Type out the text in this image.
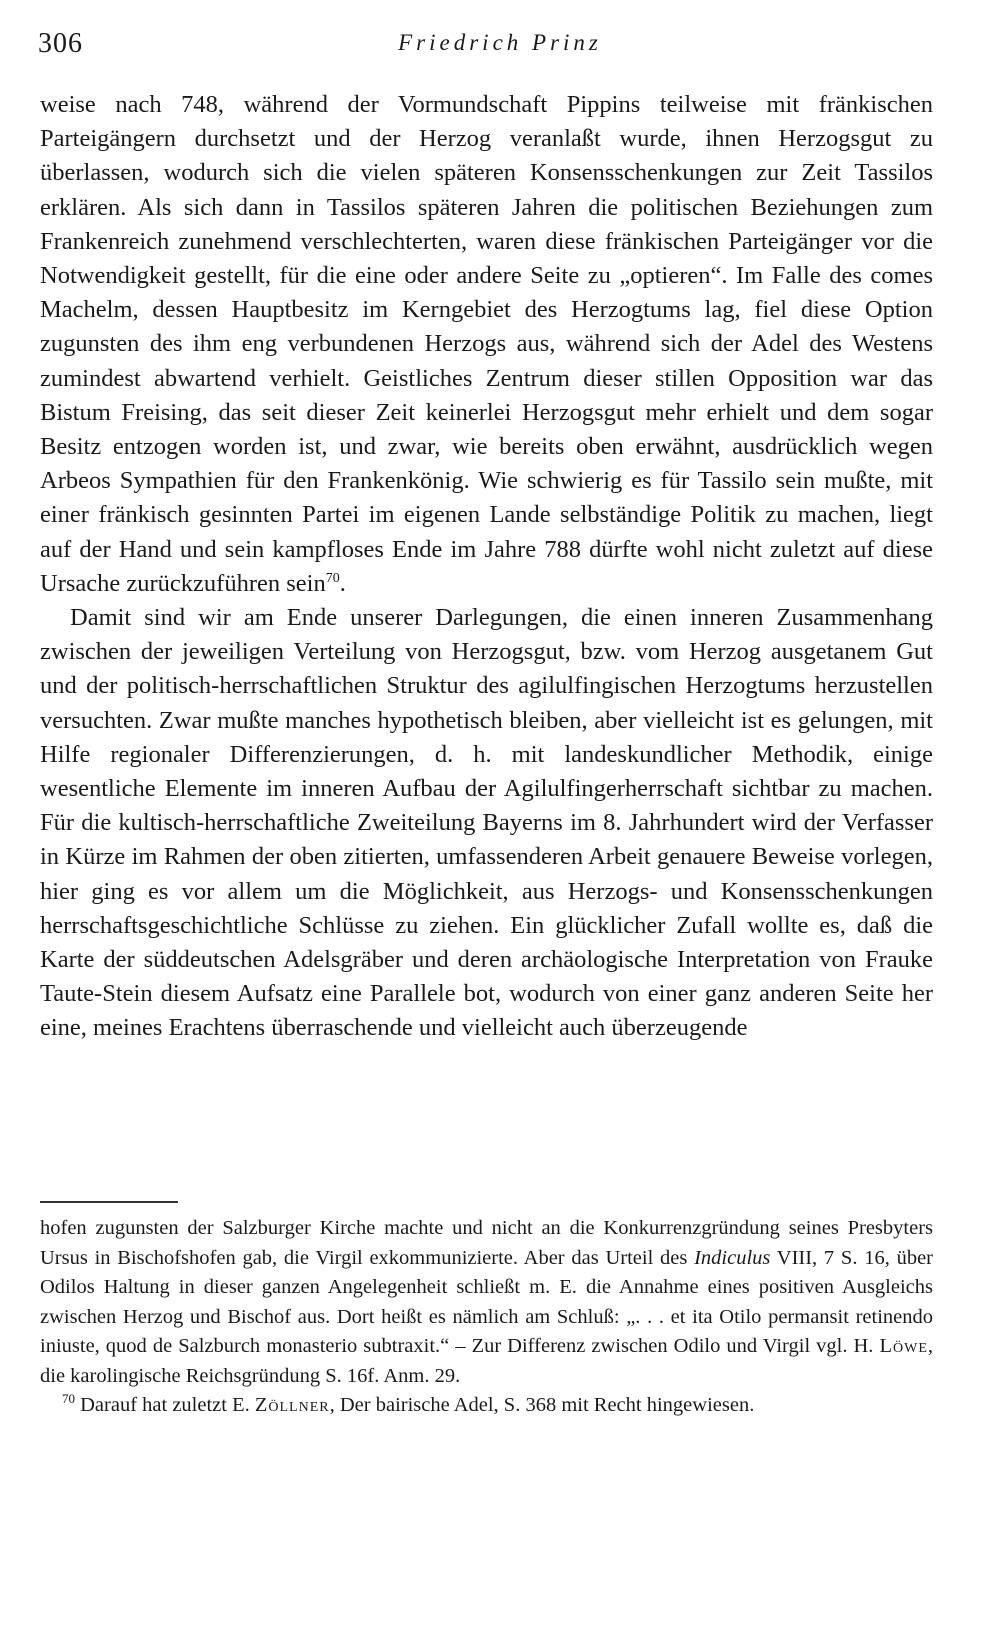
306	Friedrich Prinz

weise nach 748, während der Vormundschaft Pippins teilweise mit fränkischen Parteigängern durchsetzt und der Herzog veranlaßt wurde, ihnen Herzogsgut zu überlassen, wodurch sich die vielen späteren Konsensschenkungen zur Zeit Tassilos erklären. Als sich dann in Tassilos späteren Jahren die politischen Beziehungen zum Frankenreich zunehmend verschlechterten, waren diese fränkischen Parteigänger vor die Notwendigkeit gestellt, für die eine oder andere Seite zu „optieren“. Im Falle des comes Machelm, dessen Hauptbesitz im Kerngebiet des Herzogtums lag, fiel diese Option zugunsten des ihm eng verbundenen Herzogs aus, während sich der Adel des Westens zumindest abwartend verhielt. Geistliches Zentrum dieser stillen Opposition war das Bistum Freising, das seit dieser Zeit keinerlei Herzogsgut mehr erhielt und dem sogar Besitz entzogen worden ist, und zwar, wie bereits oben erwähnt, ausdrücklich wegen Arbeos Sympathien für den Frankenkönig. Wie schwierig es für Tassilo sein mußte, mit einer fränkisch gesinnten Partei im eigenen Lande selbständige Politik zu machen, liegt auf der Hand und sein kampfloses Ende im Jahre 788 dürfte wohl nicht zuletzt auf diese Ursache zurückzuführen sein$^{70}$.

Damit sind wir am Ende unserer Darlegungen, die einen inneren Zusammenhang zwischen der jeweiligen Verteilung von Herzogsgut, bzw. vom Herzog ausgetanem Gut und der politisch-herrschaftlichen Struktur des agilulfingischen Herzogtums herzustellen versuchten. Zwar mußte manches hypothetisch bleiben, aber vielleicht ist es gelungen, mit Hilfe regionaler Differenzierungen, d. h. mit landeskundlicher Methodik, einige wesentliche Elemente im inneren Aufbau der Agilulfingerherrschaft sichtbar zu machen. Für die kultisch-herrschaftliche Zweiteilung Bayerns im 8. Jahrhundert wird der Verfasser in Kürze im Rahmen der oben zitierten, umfassenderen Arbeit genauere Beweise vorlegen, hier ging es vor allem um die Möglichkeit, aus Herzogs- und Konsensschenkungen herrschaftsgeschichtliche Schlüsse zu ziehen. Ein glücklicher Zufall wollte es, daß die Karte der süddeutschen Adelsgräber und deren archäologische Interpretation von Frauke Taute-Stein diesem Aufsatz eine Parallele bot, wodurch von einer ganz anderen Seite her eine, meines Erachtens überraschende und vielleicht auch überzeugende

hofen zugunsten der Salzburger Kirche machte und nicht an die Konkurrenzgründung seines Presbyters Ursus in Bischofshofen gab, die Virgil exkommunizierte. Aber das Urteil des Indiculus VIII, 7 S. 16, über Odilos Haltung in dieser ganzen Angelegenheit schließt m. E. die Annahme eines positiven Ausgleichs zwischen Herzog und Bischof aus. Dort heißt es nämlich am Schluß: „. . . et ita Otilo permansit retinendo iniuste, quod de Salzburch monasterio subtraxit.“ – Zur Differenz zwischen Odilo und Virgil vgl. H. Löwe, die karolingische Reichsgründung S. 16f. Anm. 29.

$^{70}$ Darauf hat zuletzt E. Zöllner, Der bairische Adel, S. 368 mit Recht hingewiesen.
